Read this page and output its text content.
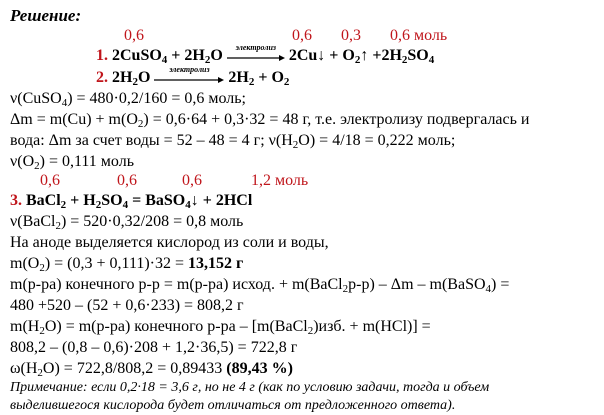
Решение:
0,6	0,6 0,3 0,6 моль
1. 2CuSO$_4$ + $2H_2O$	электролиз 2Cu↓ + $O_2↑ +2H_2SO_4$
2. $2H_2O$	электролиз	$2H_2 + O_2$
ν(CuSO$_4$) = 480·0,2/160 = 0,6 моль;
$\Delta m = m(Cu) + m(O_2) = 0,6\cdot 64 + 0,3\cdot 32 = 48$ г, т.е. электролизу подвергалась и
вода: Δm за счет воды = 52 – 48 = 4 г; $\nu(H_2O) = 4/18 = 0,222$ моль;
$\nu(O_2) = 0,111$ моль
0,6	0,6	0,6	1,2 моль
3. BaCl$_2$ + $H_2SO_4$ = BaSO$_4$↓ + 2HCl
ν(BaCl$_2$) = 520·0,32/208 = 0,8 моль
На аноде выделяется кислород из соли и воды,
$m(O_2) = (0,3 + 0,111)\cdot 32 = 13,152$ г
m(р-ра) конечного р-р = m(р-ра) исход. + m(BaCl$_2$р-р) – Δm – m(BaSO$_4$) =
480 +520 – (52 + 0,6·233) = 808,2 г
$m(H_2O) = m(р-ра)$ конечного р-ра – [m(BaCl$_2$)изб. + m(HCl)] =
808,2 – (0,8 – 0,6)·208 + 1,2·36,5) = 722,8 г
$\omega(H_2O) = 722,8/808,2 = 0,89433$ (89,43 %)
Примечание: если 0,2·18 = 3,6 г, но не 4 г (как по условию задачи, тогда и объем
выделившегося кислорода будет отличаться от предложенного ответа).
